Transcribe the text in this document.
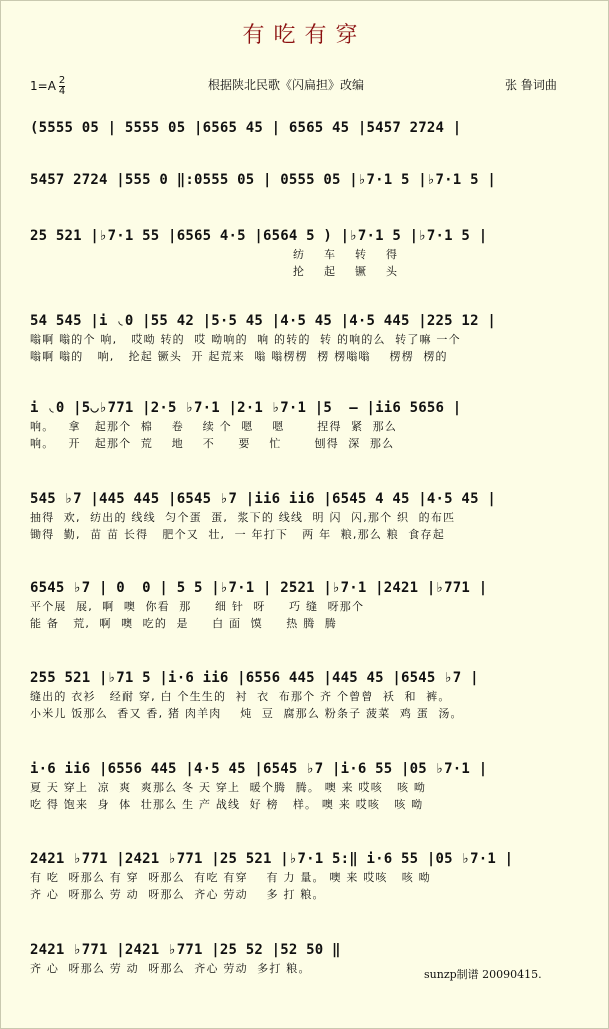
有吃有穿
$1=A \frac{2}{4}$	根据陕北民歌《闪扁担》改编	张 鲁词曲
(5555 05 | 5555 05 |6565 45 | 6565 45 |5457 2724 |
5457 2724 |555 0 ‖:0555 05 | 0555 05 |♭7·1 5 |♭7·1 5 |
25 521 |♭7·1 55 |6565 4·5 |6564 5 ) |♭7·1 5 |♭7·1 5 |
纺    车    转    得
抡    起    镢    头
54 545 |i ◟0 |55 42 |5·5 45 |4·5 45 |4·5 445 |225 12 |
嗡啊 嗡的个 响,   哎呦 转的  哎 呦响的  响 的转的  转 的响的么  转了嘛 一个
嗡啊 嗡的   响,   抡起 镢头  开 起荒来  嗡 嗡楞楞  楞 楞嗡嗡    楞楞  楞的
i ◟0 |5◡♭771 |2·5 ♭7·1 |2·1 ♭7·1 |5  – |ii6 5656 |
响。   拿   起那个  棉    卷    续 个  嗯    嗯       捏得  紧  那么
响。   开   起那个  荒    地    不     要    忙       刨得  深  那么
545 ♭7 |445 445 |6545 ♭7 |ii6 ii6 |6545 4 45 |4·5 45 |
抽得  欢,  纺出的 线线  匀个蛋  蛋,  浆下的 线线  明 闪  闪,那个 织  的布匹
锄得  勤,  苗 苗 长得   肥个又  壮,  一 年打下   两 年  粮,那么 粮  食存起
6545 ♭7 | 0  0 | 5 5 |♭7·1 | 2521 |♭7·1 |2421 |♭771 |
平个展  展,  啊  噢  你看  那     细 针  呀     巧 缝  呀那个
能 备   荒,  啊  噢  吃的  是     白 面  馍     热 腾  腾
255 521 |♭71 5 |i·6 ii6 |6556 445 |445 45 |6545 ♭7 |
缝出的 衣衫   经耐 穿, 白 个生生的  衬  衣  布那个 齐 个曾曾  袄  和  裤。
小米儿 饭那么  香又 香, 猪 肉羊肉    炖  豆  腐那么 粉条子 菠菜  鸡 蛋  汤。
i·6 ii6 |6556 445 |4·5 45 |6545 ♭7 |i·6 55 |05 ♭7·1 |
夏 天 穿上  凉  爽  爽那么 冬 天 穿上  暖个腾  腾。 噢 来 哎咳   咳 呦
吃 得 饱来  身  体  壮那么 生 产 战线  好 榜   样。 噢 来 哎咳   咳 呦
2421 ♭771 |2421 ♭771 |25 521 |♭7·1 5:‖ i·6 55 |05 ♭7·1 |
有 吃  呀那么 有 穿  呀那么  有吃 有穿    有 力 量。 噢 来 哎咳   咳 呦
齐 心  呀那么 劳 动  呀那么  齐心 劳动    多 打 粮。
2421 ♭771 |2421 ♭771 |25 52 |52 50 ‖
齐 心  呀那么 劳 动  呀那么  齐心 劳动  多打 粮。	sunzp制谱 20090415.
